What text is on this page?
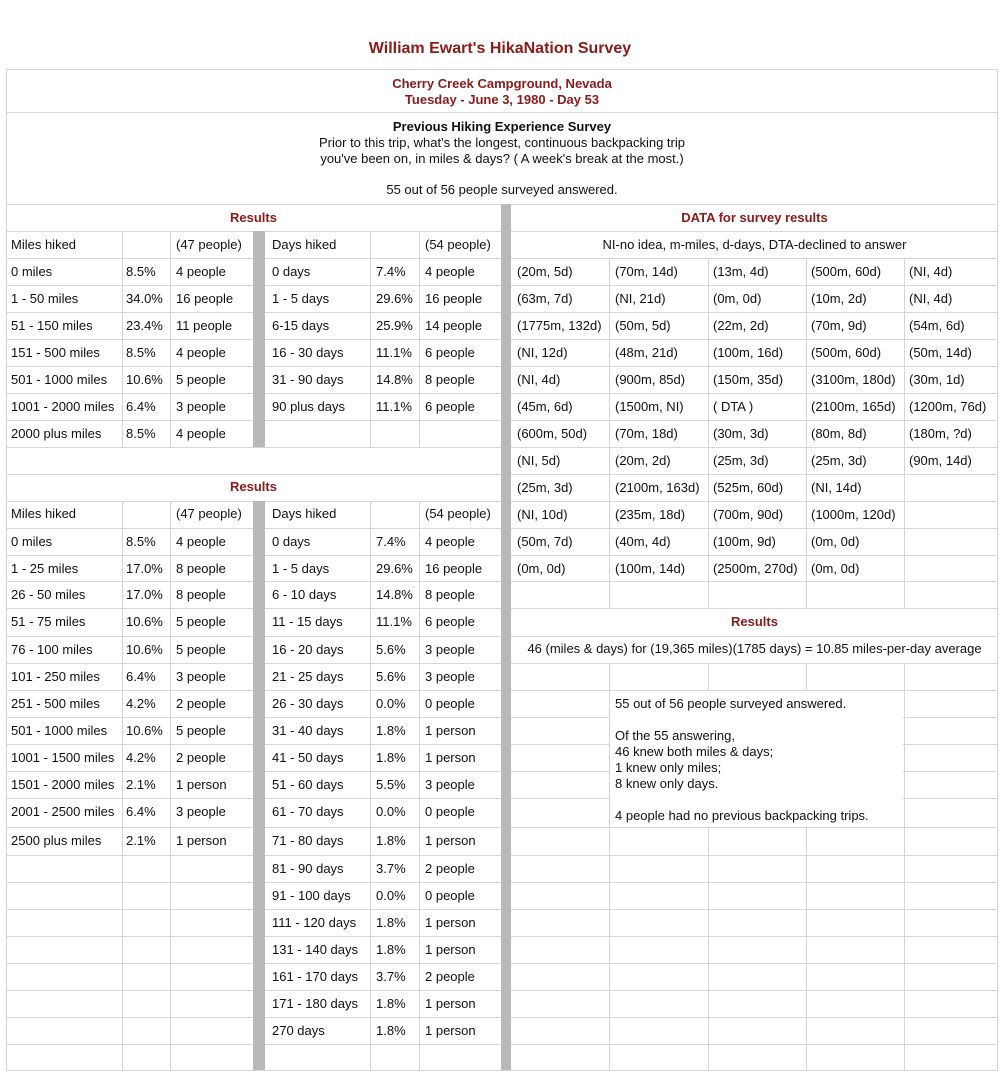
William Ewart's HikaNation Survey
Cherry Creek Campground, Nevada
Tuesday - June 3, 1980 - Day 53
Previous Hiking Experience Survey
Prior to this trip, what's the longest, continuous backpacking trip
you've been on, in miles & days? ( A week's break at the most.)
55 out of 56 people surveyed answered.
Results
Miles hiked	(47 people) Days hiked	(54 people)
0 miles	8.5% 4 people
1 - 50 miles	34.0% 16 people
51 - 150 miles	23.4% 11 people
151 - 500 miles 8.5% 4 people
501 - 1000 miles 10.6% 5 people
1001 - 2000 miles 6.4% 3 people
2000 plus miles 8.5% 4 people
0 days	7.4% 4 people
1 - 5 days	29.6% 16 people
6-15 days	25.9% 14 people
16 - 30 days 11.1% 6 people
31 - 90 days 14.8% 8 people
90 plus days 11.1% 6 people
Results
Miles hiked	(47 people) Days hiked	(54 people)
0 miles	8.5% 4 people
1 - 25 miles	17.0% 8 people
26 - 50 miles	17.0% 8 people
51 - 75 miles	10.6% 5 people
76 - 100 miles	10.6% 5 people
101 - 250 miles 6.4% 3 people
251 - 500 miles 4.2% 2 people
501 - 1000 miles 10.6% 5 people
1001 - 1500 miles 4.2% 2 people
1501 - 2000 miles 2.1% 1 person
2001 - 2500 miles 6.4% 3 people
2500 plus miles 2.1% 1 person
0 days	7.4% 4 people
1 - 5 days	29.6% 16 people
6 - 10 days	14.8% 8 people
11 - 15 days	11.1% 6 people
16 - 20 days 5.6% 3 people
21 - 25 days 5.6% 3 people
26 - 30 days 0.0% 0 people
31 - 40 days 1.8% 1 person
41 - 50 days 1.8% 1 person
51 - 60 days 5.5% 3 people
61 - 70 days 0.0% 0 people
71 - 80 days 1.8% 1 person
81 - 90 days 3.7% 2 people
91 - 100 days 0.0% 0 people
111 - 120 days 1.8% 1 person
131 - 140 days 1.8% 1 person
161 - 170 days 3.7% 2 people
171 - 180 days 1.8% 1 person
270 days	1.8% 1 person
DATA for survey results
NI-no idea, m-miles, d-days, DTA-declined to answer
(20m, 5d)	(70m, 14d)	(13m, 4d)	(500m, 60d) (NI, 4d)
(63m, 7d)	(NI, 21d)	(0m, 0d)	(10m, 2d)	(NI, 4d)
(1775m, 132d) (50m, 5d)	(22m, 2d)	(70m, 9d)	(54m, 6d)
(NI, 12d)	(48m, 21d)	(100m, 16d) (500m, 60d) (50m, 14d)
(NI, 4d)	(900m, 85d) (150m, 35d) (3100m, 180d) (30m, 1d)
(45m, 6d)	(1500m, NI) ( DTA )	(2100m, 165d) (1200m, 76d)
(600m, 50d) (70m, 18d)	(30m, 3d)	(80m, 8d)	(180m, ?d)
(NI, 5d)	(20m, 2d)	(25m, 3d)	(25m, 3d)	(90m, 14d)
(25m, 3d)	(2100m, 163d) (525m, 60d) (NI, 14d)
(NI, 10d)	(235m, 18d) (700m, 90d) (1000m, 120d)
(50m, 7d)	(40m, 4d)	(100m, 9d)	(0m, 0d)
(0m, 0d)	(100m, 14d) (2500m, 270d) (0m, 0d)
Results
46 (miles & days) for (19,365 miles)(1785 days) = 10.85 miles-per-day average
55 out of 56 people surveyed answered.
Of the 55 answering,
46 knew both miles & days;
1 knew only miles;
8 knew only days.
4 people had no previous backpacking trips.
